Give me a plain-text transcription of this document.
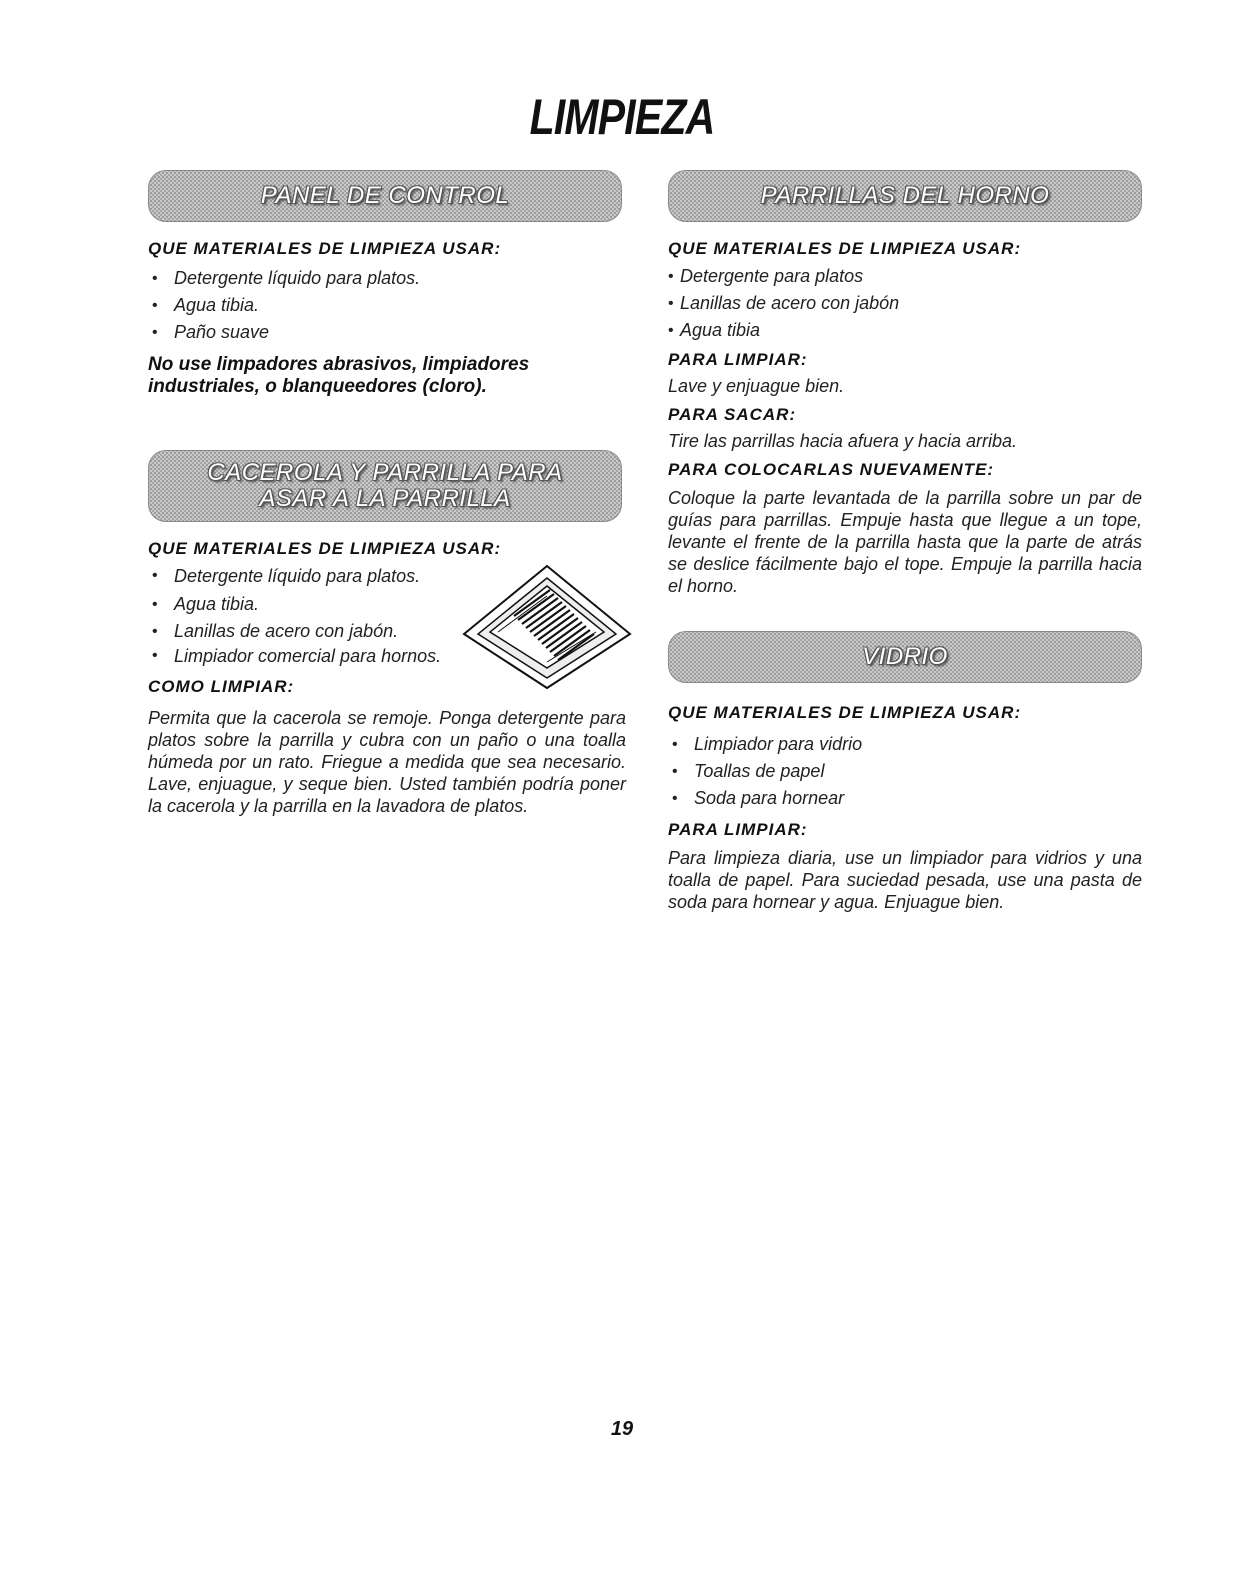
LIMPIEZA
PANEL DE CONTROL

QUE MATERIALES DE LIMPIEZA USAR:

• Detergente líquido para platos.
• Agua tibia.
• Paño suave

No use limpadores abrasivos, limpiadores industriales, o blanqueedores (cloro).

CACEROLA Y PARRILLA PARA
ASAR A LA PARRILLA

QUE MATERIALES DE LIMPIEZA USAR:

• Detergente líquido para platos.
• Agua tibia.
• Lanillas de acero con jabón.
• Limpiador comercial para hornos.

COMO LIMPIAR:

Permita que la cacerola se remoje. Ponga detergente para platos sobre la parrilla y cubra con un paño o una toalla húmeda por un rato. Friegue a medida que sea necesario. Lave, enjuague, y seque bien. Usted también podría poner la cacerola y la parrilla en la lavadora de platos.

PARRILLAS DEL HORNO

QUE MATERIALES DE LIMPIEZA USAR:

• Detergente para platos
• Lanillas de acero con jabón
• Agua tibia

PARA LIMPIAR:

Lave y enjuague bien.

PARA SACAR:

Tire las parrillas hacia afuera y hacia arriba.

PARA COLOCARLAS NUEVAMENTE:

Coloque la parte levantada de la parrilla sobre un par de guías para parrillas. Empuje hasta que llegue a un tope, levante el frente de la parrilla hasta que la parte de atrás se deslice fácilmente bajo el tope. Empuje la parrilla hacia el horno.

VIDRIO

QUE MATERIALES DE LIMPIEZA USAR:

• Limpiador para vidrio
• Toallas de papel
• Soda para hornear

PARA LIMPIAR:

Para limpieza diaria, use un limpiador para vidrios y una toalla de papel. Para suciedad pesada, use una pasta de soda para hornear y agua. Enjuague bien.

19
